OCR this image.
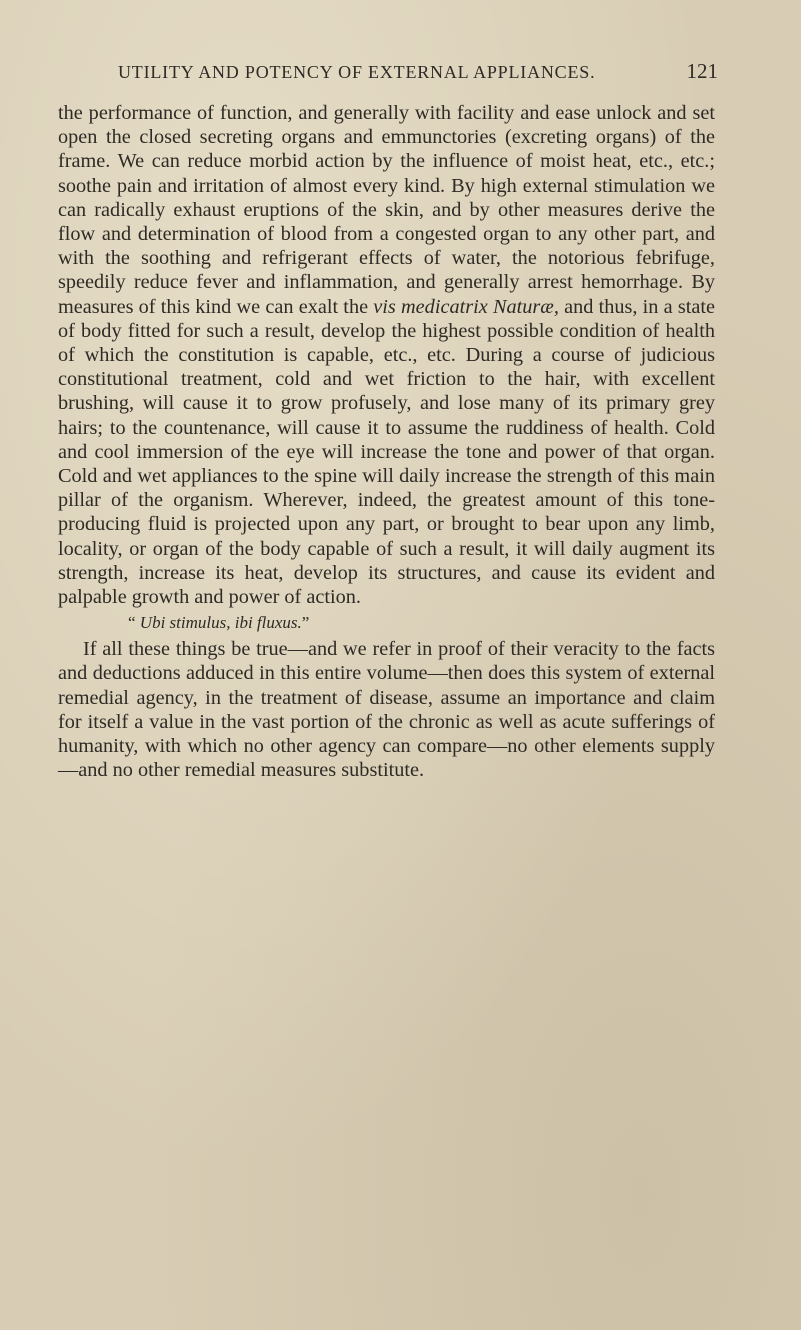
UTILITY AND POTENCY OF EXTERNAL APPLIANCES.	121

the performance of function, and generally with facility and ease unlock and set open the closed secreting organs and emmunctories (excreting organs) of the frame. We can reduce morbid action by the influence of moist heat, etc., etc.; soothe pain and irritation of almost every kind. By high external stimulation we can radically exhaust eruptions of the skin, and by other measures derive the flow and determination of blood from a congested organ to any other part, and with the soothing and refrigerant effects of water, the notorious febrifuge, speedily reduce fever and inflammation, and generally arrest hemorrhage. By measures of this kind we can exalt the vis medicatrix Naturæ, and thus, in a state of body fitted for such a result, develop the highest possible condition of health of which the constitution is capable, etc., etc. During a course of judicious constitutional treatment, cold and wet friction to the hair, with excellent brushing, will cause it to grow profusely, and lose many of its primary grey hairs; to the countenance, will cause it to assume the ruddiness of health. Cold and cool immersion of the eye will increase the tone and power of that organ. Cold and wet appliances to the spine will daily increase the strength of this main pillar of the organism. Wherever, indeed, the greatest amount of this tone-producing fluid is projected upon any part, or brought to bear upon any limb, locality, or organ of the body capable of such a result, it will daily augment its strength, increase its heat, develop its structures, and cause its evident and palpable growth and power of action.

“ Ubi stimulus, ibi fluxus.”

If all these things be true—and we refer in proof of their veracity to the facts and deductions adduced in this entire volume—then does this system of external remedial agency, in the treatment of disease, assume an importance and claim for itself a value in the vast portion of the chronic as well as acute sufferings of humanity, with which no other agency can compare—no other elements supply—and no other remedial measures substitute.
